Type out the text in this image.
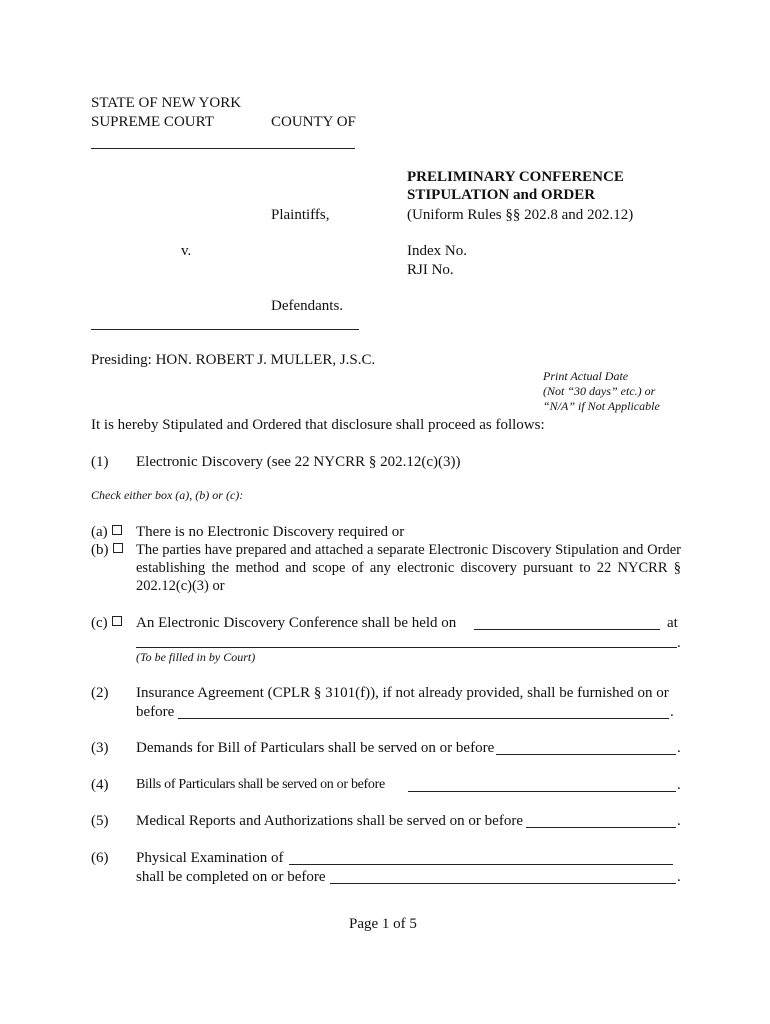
STATE OF NEW YORK
SUPREME COURT	COUNTY OF
PRELIMINARY CONFERENCE
STIPULATION and ORDER
(Uniform Rules §§ 202.8 and 202.12)
Plaintiffs,
v.	Index No.
RJI No.
Defendants.
Presiding: HON. ROBERT J. MULLER, J.S.C.
Print Actual Date
(Not “30 days” etc.) or
“N/A” if Not Applicable
It is hereby Stipulated and Ordered that disclosure shall proceed as follows:
(1) Electronic Discovery (see 22 NYCRR § 202.12(c)(3))
Check either box (a), (b) or (c):
(a)	There is no Electronic Discovery required or
(b)	The parties have prepared and attached a separate Electronic Discovery Stipulation and Order establishing the method and scope of any electronic discovery pursuant to 22 NYCRR § 202.12(c)(3) or
(c)	An Electronic Discovery Conference shall be held on	at
.
(To be filled in by Court)
(2) Insurance Agreement (CPLR § 3101(f)), if not already provided, shall be furnished on or
before	.
(3) Demands for Bill of Particulars shall be served on or before	.
(4) Bills of Particulars shall be served on or before	.
(5) Medical Reports and Authorizations shall be served on or before	.
(6) Physical Examination of
shall be completed on or before	.
Page 1 of 5
